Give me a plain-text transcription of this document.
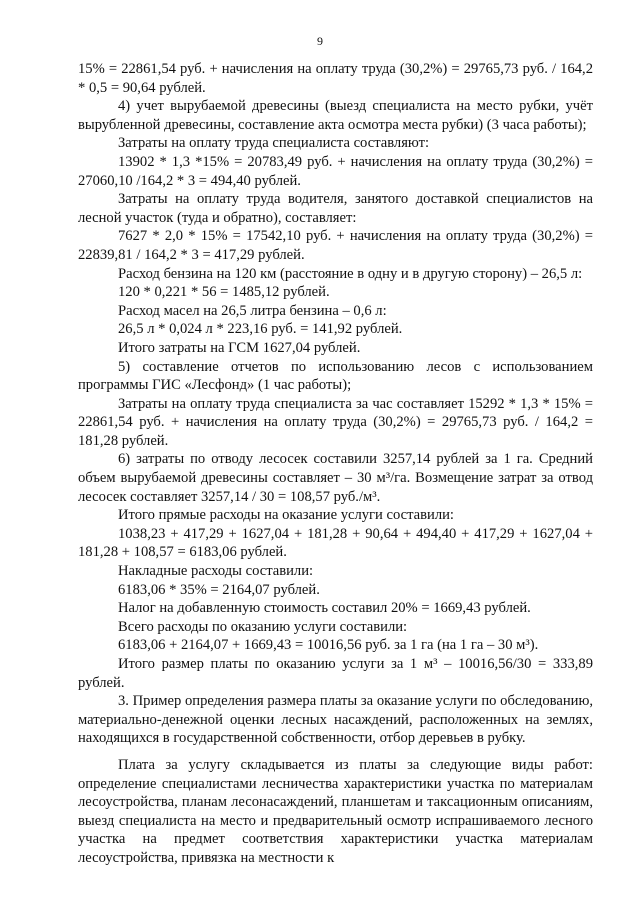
9

15% = 22861,54 руб. + начисления на оплату труда (30,2%) = 29765,73 руб. / 164,2 * 0,5 = 90,64 рублей.

4) учет вырубаемой древесины (выезд специалиста на место рубки, учёт вырубленной древесины, составление акта осмотра места рубки) (3 часа работы);

Затраты на оплату труда специалиста составляют:

13902 * 1,3 *15% = 20783,49 руб. + начисления на оплату труда (30,2%) = 27060,10 /164,2 * 3 = 494,40 рублей.

Затраты на оплату труда водителя, занятого доставкой специалистов на лесной участок (туда и обратно), составляет:

7627 * 2,0 * 15% = 17542,10 руб. + начисления на оплату труда (30,2%) = 22839,81 / 164,2 * 3 = 417,29 рублей.

Расход бензина на 120 км (расстояние в одну и в другую сторону) – 26,5 л:

120 * 0,221 * 56 = 1485,12 рублей.

Расход масел на 26,5 литра бензина – 0,6 л:

26,5 л * 0,024 л * 223,16 руб. = 141,92 рублей.

Итого затраты на ГСМ 1627,04 рублей.

5) составление отчетов по использованию лесов с использованием программы ГИС «Лесфонд» (1 час работы);

Затраты на оплату труда специалиста за час составляет 15292 * 1,3 * 15% = 22861,54 руб. + начисления на оплату труда (30,2%) = 29765,73 руб. / 164,2 = 181,28 рублей.

6) затраты по отводу лесосек составили 3257,14 рублей за 1 га. Средний объем вырубаемой древесины составляет – 30 м³/га. Возмещение затрат за отвод лесосек составляет 3257,14 / 30 = 108,57 руб./м³.

Итого прямые расходы на оказание услуги составили:

1038,23 + 417,29 + 1627,04 + 181,28 + 90,64 + 494,40 + 417,29 + 1627,04 + 181,28 + 108,57 = 6183,06 рублей.

Накладные расходы составили:

6183,06 * 35% = 2164,07 рублей.

Налог на добавленную стоимость составил 20% = 1669,43 рублей.

Всего расходы по оказанию услуги составили:

6183,06 + 2164,07 + 1669,43 = 10016,56 руб. за 1 га (на 1 га – 30 м³).

Итого размер платы по оказанию услуги за 1 м³ – 10016,56/30 = 333,89 рублей.

3. Пример определения размера платы за оказание услуги по обследованию, материально-денежной оценки лесных насаждений, расположенных на землях, находящихся в государственной собственности, отбор деревьев в рубку.

Плата за услугу складывается из платы за следующие виды работ: определение специалистами лесничества характеристики участка по материалам лесоустройства, планам лесонасаждений, планшетам и таксационным описаниям, выезд специалиста на место и предварительный осмотр испрашиваемого лесного участка на предмет соответствия характеристики участка материалам лесоустройства, привязка на местности к
